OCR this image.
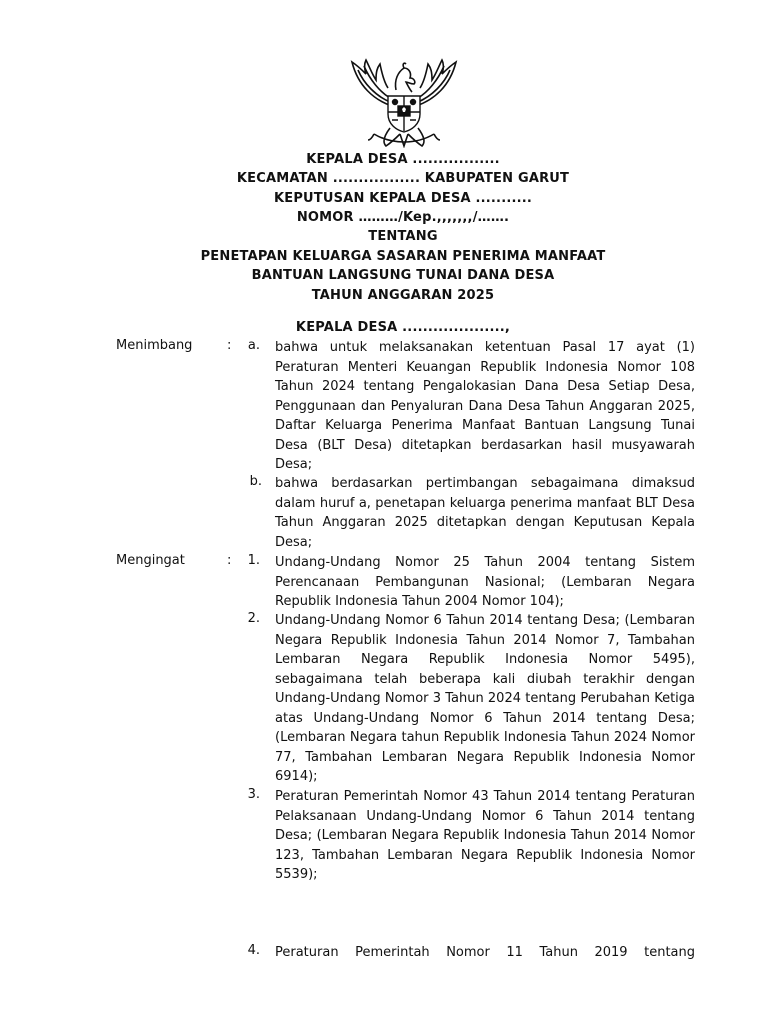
KEPALA DESA .................
KECAMATAN ................. KABUPATEN GARUT
KEPUTUSAN KEPALA DESA ...........
NOMOR ………/Kep.,,,,,,,/…….
TENTANG
PENETAPAN KELUARGA SASARAN PENERIMA MANFAAT
BANTUAN LANGSUNG TUNAI DANA DESA
TAHUN ANGGARAN 2025
KEPALA DESA ....................,
Menimbang	:	a. bahwa untuk melaksanakan ketentuan Pasal 17 ayat (1) Peraturan Menteri Keuangan Republik Indonesia Nomor 108 Tahun 2024 tentang Pengalokasian Dana Desa Setiap Desa, Penggunaan dan Penyaluran Dana Desa Tahun Anggaran 2025, Daftar Keluarga Penerima Manfaat Bantuan Langsung Tunai Desa (BLT Desa) ditetapkan berdasarkan hasil musyawarah Desa;
b. bahwa berdasarkan pertimbangan sebagaimana dimaksud dalam huruf a, penetapan keluarga penerima manfaat BLT Desa Tahun Anggaran 2025 ditetapkan dengan Keputusan Kepala Desa;
Mengingat	:	1. Undang-Undang Nomor 25 Tahun 2004 tentang Sistem Perencanaan Pembangunan Nasional; (Lembaran Negara Republik Indonesia Tahun 2004 Nomor 104);
2. Undang-Undang Nomor 6 Tahun 2014 tentang Desa; (Lembaran Negara Republik Indonesia Tahun 2014 Nomor 7, Tambahan Lembaran Negara Republik Indonesia Nomor 5495), sebagaimana telah beberapa kali diubah terakhir dengan Undang-Undang Nomor 3 Tahun 2024 tentang Perubahan Ketiga atas Undang-Undang Nomor 6 Tahun 2014 tentang Desa; (Lembaran Negara tahun Republik Indonesia Tahun 2024 Nomor 77, Tambahan Lembaran Negara Republik Indonesia Nomor 6914);
3. Peraturan Pemerintah Nomor 43 Tahun 2014 tentang Peraturan Pelaksanaan Undang-Undang Nomor 6 Tahun 2014 tentang Desa; (Lembaran Negara Republik Indonesia Tahun 2014 Nomor 123, Tambahan Lembaran Negara Republik Indonesia Nomor 5539);
4. Peraturan Pemerintah Nomor 11 Tahun 2019 tentang
